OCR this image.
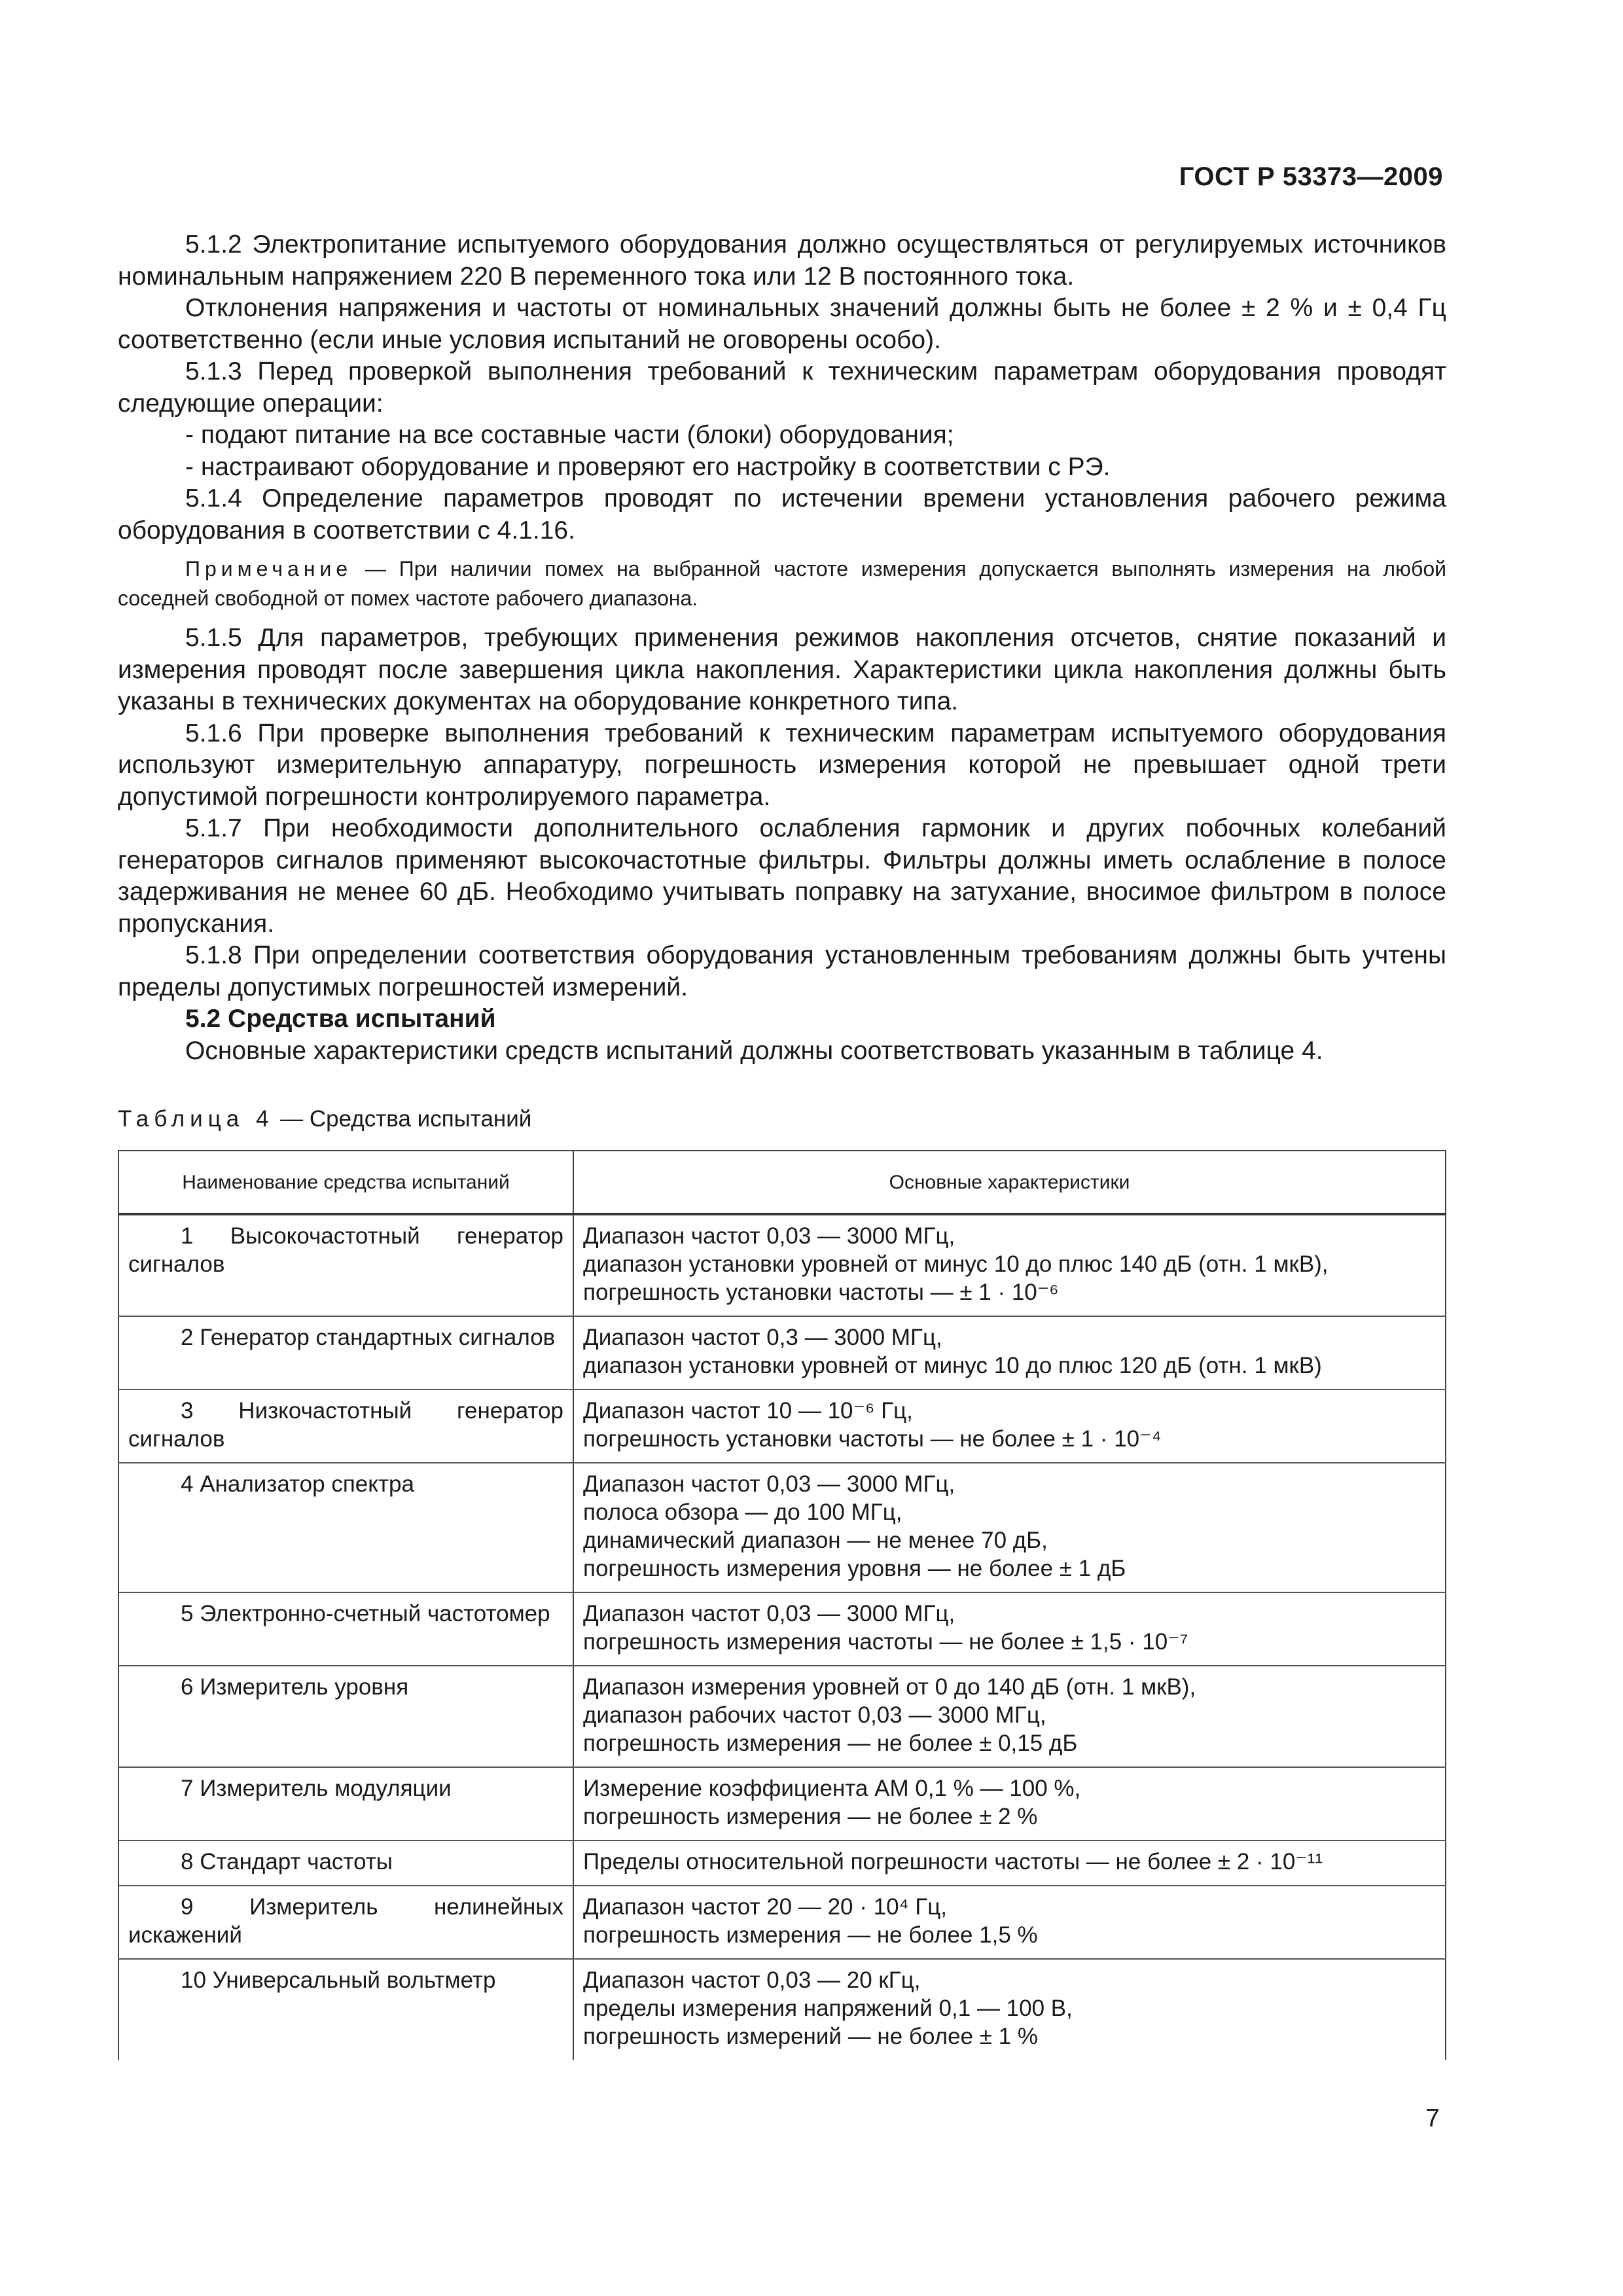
ГОСТ Р 53373—2009

5.1.2 Электропитание испытуемого оборудования должно осуществляться от регулируемых источников номинальным напряжением 220 В переменного тока или 12 В постоянного тока.

Отклонения напряжения и частоты от номинальных значений должны быть не более ± 2 % и ± 0,4 Гц соответственно (если иные условия испытаний не оговорены особо).

5.1.3 Перед проверкой выполнения требований к техническим параметрам оборудования проводят следующие операции:

- подают питание на все составные части (блоки) оборудования;

- настраивают оборудование и проверяют его настройку в соответствии с РЭ.

5.1.4 Определение параметров проводят по истечении времени установления рабочего режима оборудования в соответствии с 4.1.16.

Примечание — При наличии помех на выбранной частоте измерения допускается выполнять измерения на любой соседней свободной от помех частоте рабочего диапазона.

5.1.5 Для параметров, требующих применения режимов накопления отсчетов, снятие показаний и измерения проводят после завершения цикла накопления. Характеристики цикла накопления должны быть указаны в технических документах на оборудование конкретного типа.

5.1.6 При проверке выполнения требований к техническим параметрам испытуемого оборудования используют измерительную аппаратуру, погрешность измерения которой не превышает одной трети допустимой погрешности контролируемого параметра.

5.1.7 При необходимости дополнительного ослабления гармоник и других побочных колебаний генераторов сигналов применяют высокочастотные фильтры. Фильтры должны иметь ослабление в полосе задерживания не менее 60 дБ. Необходимо учитывать поправку на затухание, вносимое фильтром в полосе пропускания.

5.1.8 При определении соответствия оборудования установленным требованиям должны быть учтены пределы допустимых погрешностей измерений.

5.2 Средства испытаний

Основные характеристики средств испытаний должны соответствовать указанным в таблице 4.

Таблица 4 — Средства испытаний
Наименование средства испытаний	Основные характеристики
1 Высокочастотный генератор сигналов	Диапазон частот 0,03 — 3000 МГц,
диапазон установки уровней от минус 10 до плюс 140 дБ (отн. 1 мкВ),
погрешность установки частоты — ± 1 · 10⁻⁶

2 Генератор стандартных сигналов	Диапазон частот 0,3 — 3000 МГц,
диапазон установки уровней от минус 10 до плюс 120 дБ (отн. 1 мкВ)

3 Низкочастотный генератор сигналов	Диапазон частот 10 — 10⁻⁶ Гц,
погрешность установки частоты — не более ± 1 · 10⁻⁴

4 Анализатор спектра	Диапазон частот 0,03 — 3000 МГц,
полоса обзора — до 100 МГц,
динамический диапазон — не менее 70 дБ,
погрешность измерения уровня — не более ± 1 дБ

5 Электронно-счетный частотомер	Диапазон частот 0,03 — 3000 МГц,
погрешность измерения частоты — не более ± 1,5 · 10⁻⁷

6 Измеритель уровня	Диапазон измерения уровней от 0 до 140 дБ (отн. 1 мкВ),
диапазон рабочих частот 0,03 — 3000 МГц,
погрешность измерения — не более ± 0,15 дБ

7 Измеритель модуляции	Измерение коэффициента АМ 0,1 % — 100 %,
погрешность измерения — не более ± 2 %

8 Стандарт частоты	Пределы относительной погрешности частоты — не более ± 2 · 10⁻¹¹

9 Измеритель нелинейных искажений	Диапазон частот 20 — 20 · 10⁴ Гц,
погрешность измерения — не более 1,5 %

10 Универсальный вольтметр	Диапазон частот 0,03 — 20 кГц,
пределы измерения напряжений 0,1 — 100 В,
погрешность измерений — не более ± 1 %
7
